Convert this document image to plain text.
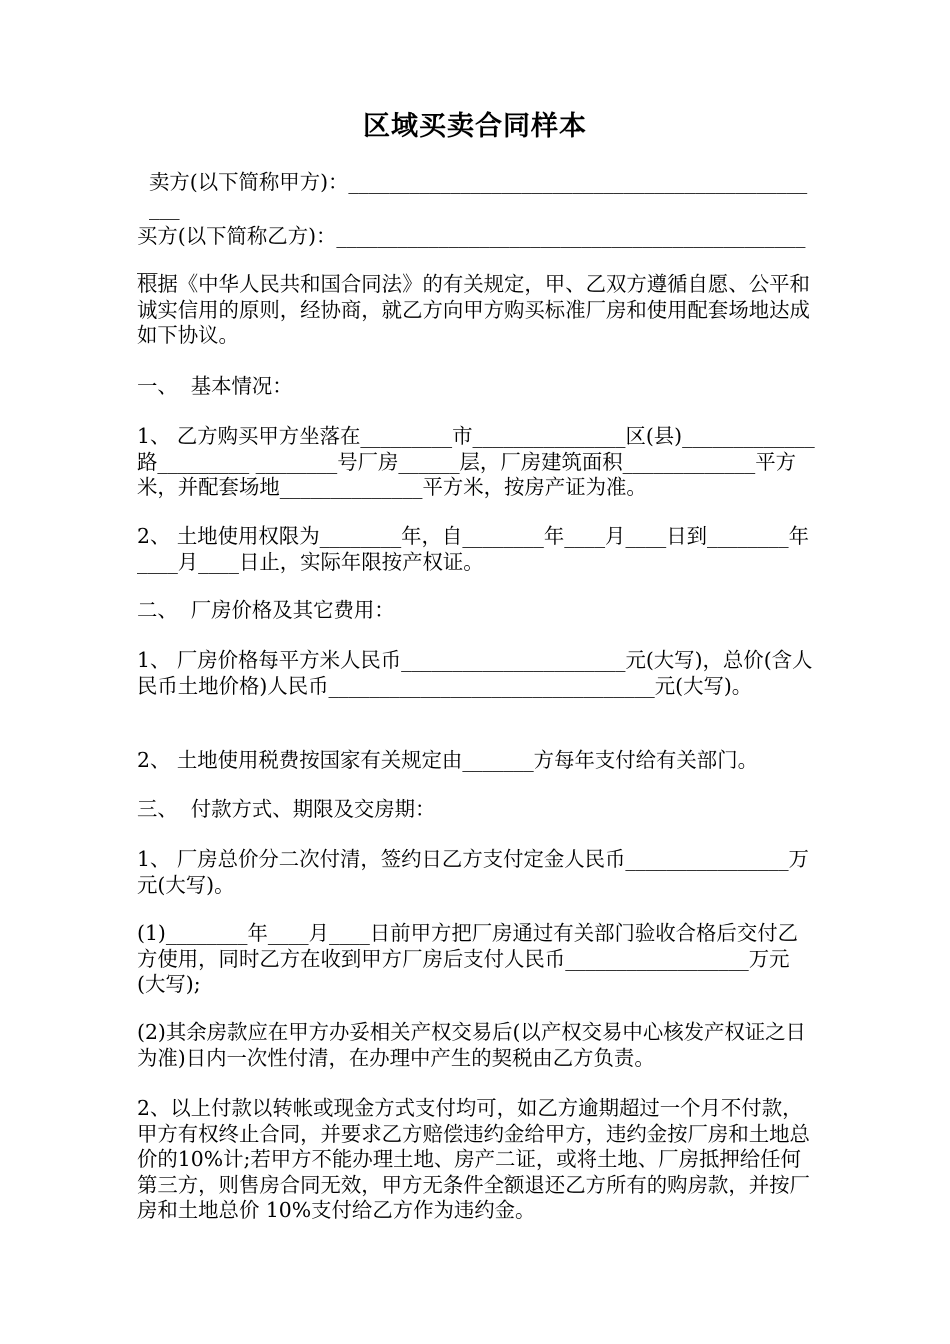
区域买卖合同样本

卖方(以下简称甲方)：________________________________________________

买方(以下简称乙方)：________________________________________________

根据《中华人民共和国合同法》的有关规定，甲、乙双方遵循自愿、公平和诚实信用的原则，经协商，就乙方向甲方购买标准厂房和使用配套场地达成如下协议。

一、  基本情况：

1、 乙方购买甲方坐落在_________市_______________区(县)_____________路_________ ________号厂房______层，厂房建筑面积_____________平方米，并配套场地______________平方米，按房产证为准。

2、 土地使用权限为________年，自________年____月____日到________年____月____日止，实际年限按产权证。

二、  厂房价格及其它费用：

1、 厂房价格每平方米人民币______________________元(大写)，总价(含人民币土地价格)人民币________________________________元(大写)。

2、 土地使用税费按国家有关规定由_______方每年支付给有关部门。

三、  付款方式、期限及交房期：

1、 厂房总价分二次付清，签约日乙方支付定金人民币________________万元(大写)。

(1)________年____月____日前甲方把厂房通过有关部门验收合格后交付乙方使用，同时乙方在收到甲方厂房后支付人民币__________________万元(大写);

(2)其余房款应在甲方办妥相关产权交易后(以产权交易中心核发产权证之日为准)日内一次性付清，在办理中产生的契税由乙方负责。

2、以上付款以转帐或现金方式支付均可，如乙方逾期超过一个月不付款，甲方有权终止合同，并要求乙方赔偿违约金给甲方，违约金按厂房和土地总价的10%计;若甲方不能办理土地、房产二证，或将土地、厂房抵押给任何第三方，则售房合同无效，甲方无条件全额退还乙方所有的购房款，并按厂房和土地总价 10%支付给乙方作为违约金。
